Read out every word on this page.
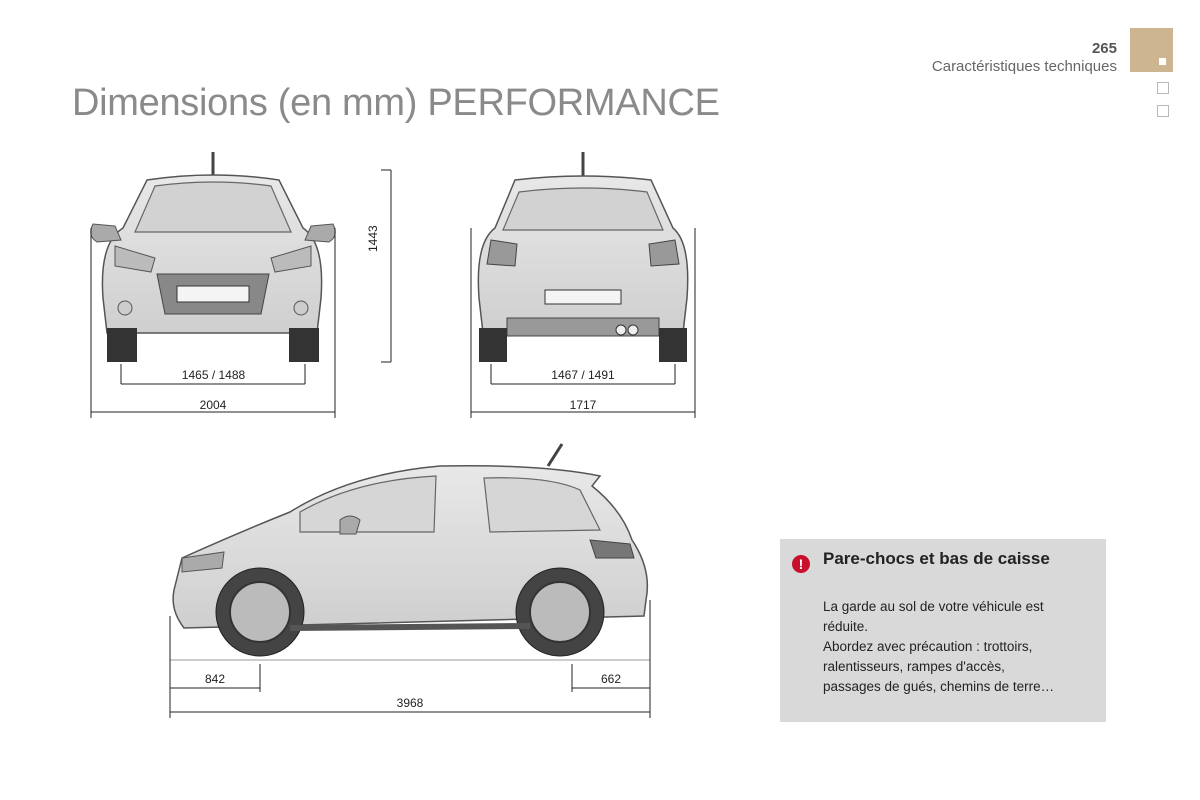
265
Caractéristiques techniques
Dimensions (en mm) PERFORMANCE
1443
1465 / 1488
2004
1467 / 1491
1717
842	662
3968
!	Pare-chocs et bas de caisse
La garde au sol de votre véhicule est
réduite.
Abordez avec précaution : trottoirs,
ralentisseurs, rampes d'accès,
passages de gués, chemins de terre…
